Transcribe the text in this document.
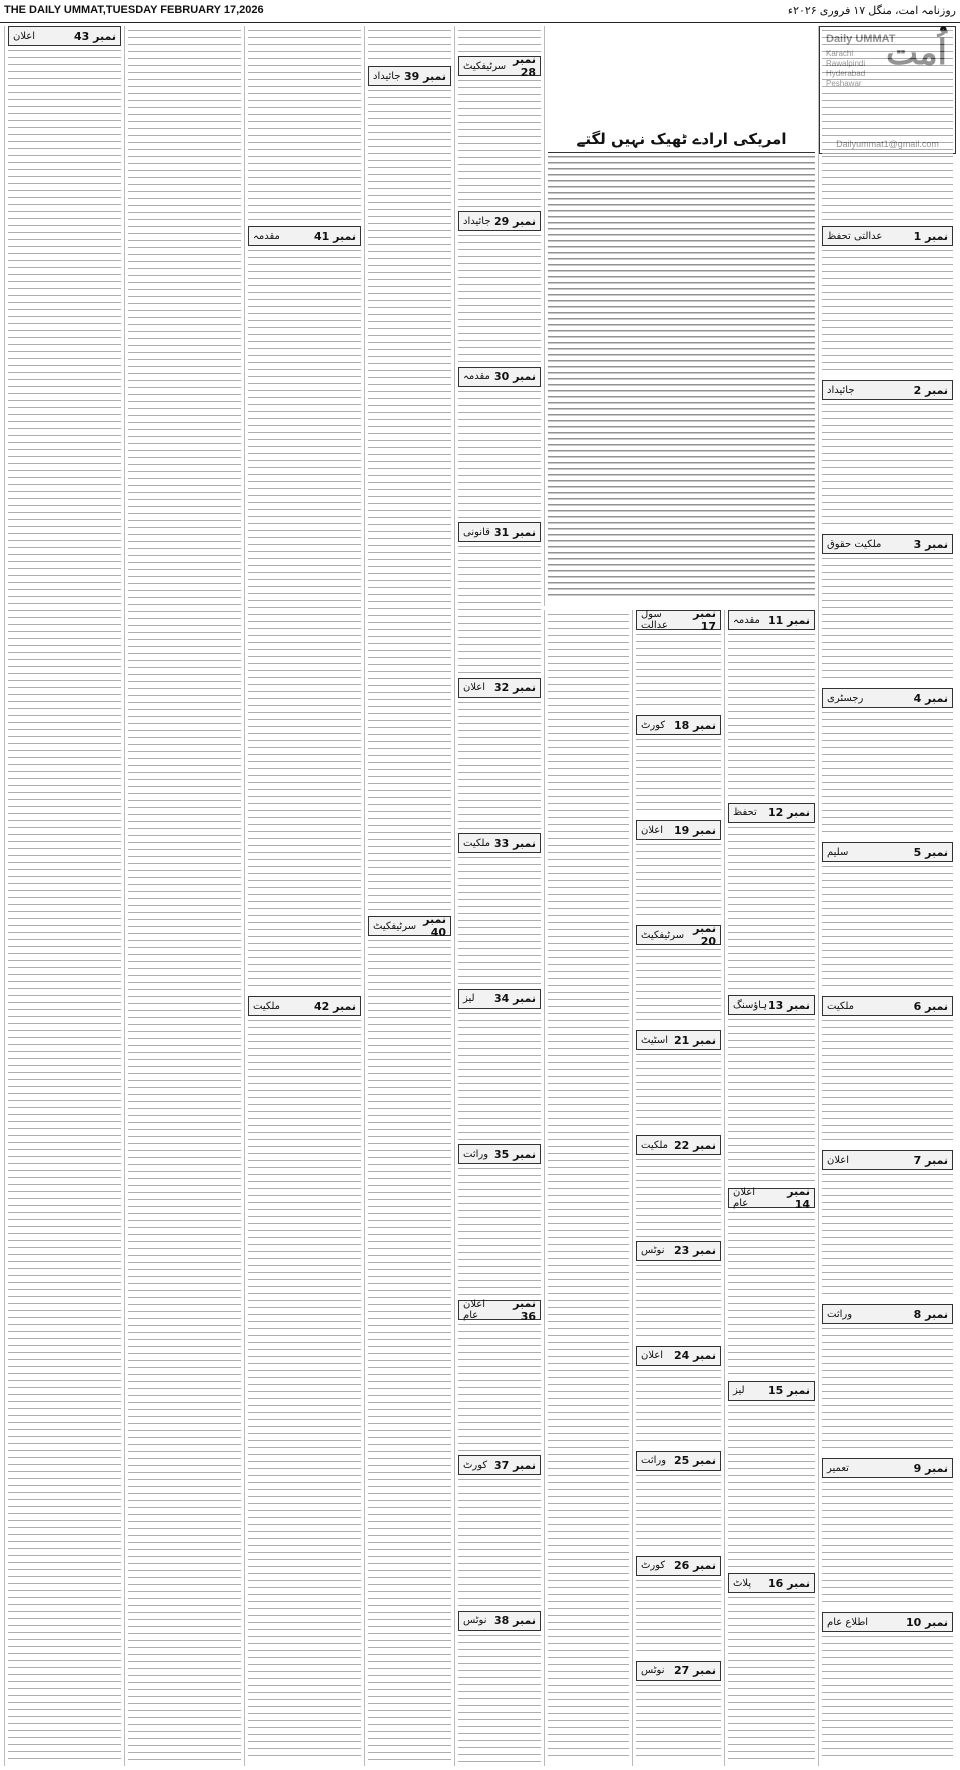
THE DAILY UMMAT,TUESDAY FEBRUARY 17,2026	روزنامہ امت، منگل ۱۷ فروری ۲۰۲۶ء
عدالتی تحفظ	نمبر 1
جائیداد	نمبر 2
ملکیت حقوق	نمبر 3
رجسٹری	نمبر 4
سلیم	نمبر 5
ملکیت	نمبر 6
اعلان	نمبر 7
وراثت	نمبر 8
تعمیر	نمبر 9
اطلاع عام	نمبر 10
امریکی ارادے ٹھیک نہیں لگتے
مقدمہ نمبر 11
تحفظ نمبر 12
ہاؤسنگ نمبر 13
اعلان عام
نمبر 14
لیز نمبر 15
پلاٹ نمبر 16
سول عدالت
نمبر 17
کورٹ نمبر 18
اعلان نمبر 19
سرٹیفکیٹ نمبر 20
اسٹیٹ نمبر 21
ملکیت نمبر 22
نوٹس نمبر 23
اعلان نمبر 24
وراثت نمبر 25
کورٹ نمبر 26
نوٹس نمبر 27
سرٹیفکیٹ نمبر 28
جائیداد نمبر 29
مقدمہ نمبر 30
قانونی نمبر 31
اعلان نمبر 32
ملکیت نمبر 33
لیز نمبر 34
وراثت نمبر 35
اعلان عام
نمبر 36
کورٹ نمبر 37
نوٹس نمبر 38
جائیداد نمبر 39
سرٹیفکیٹ نمبر 40
مقدمہ	نمبر 41
ملکیت	نمبر 42
اعلان	نمبر 43
